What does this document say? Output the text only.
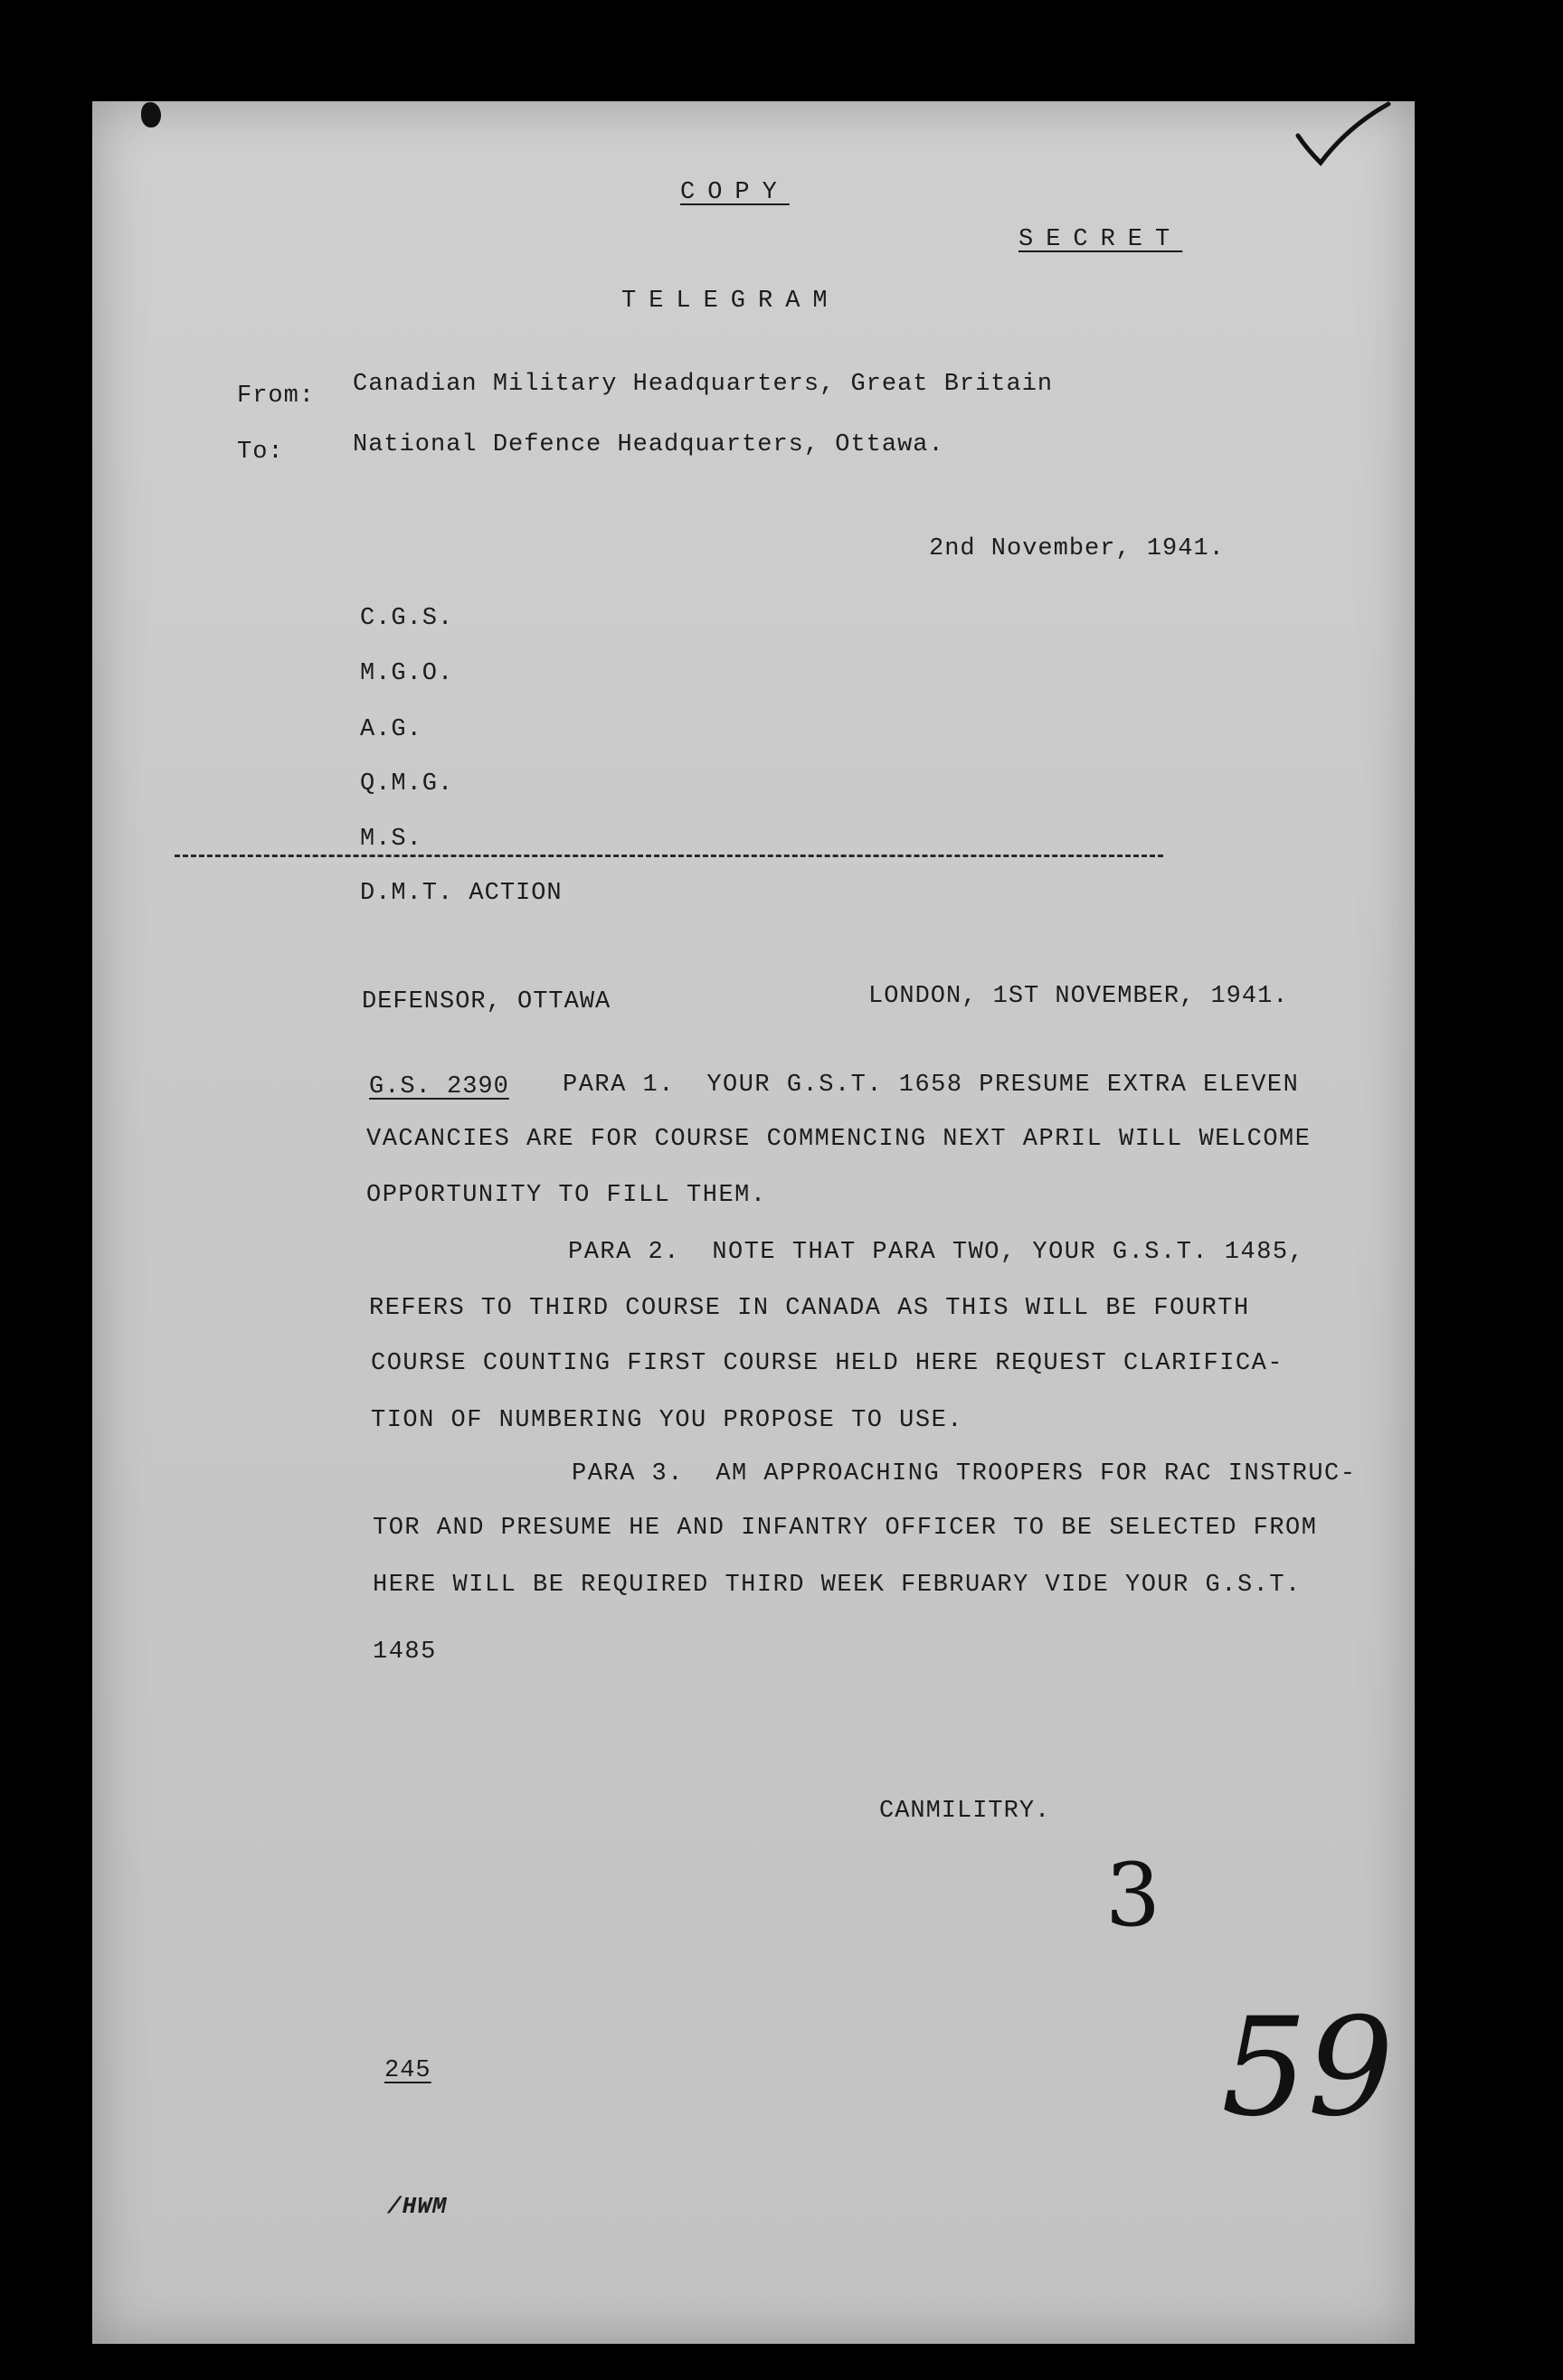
COPY
SECRET
TELEGRAM
From: Canadian Military Headquarters, Great Britain
To:	National Defence Headquarters, Ottawa.
2nd November, 1941.
C.G.S.
M.G.O.
A.G.
Q.M.G.
M.S.
D.M.T. ACTION
DEFENSOR, OTTAWA	LONDON, 1ST NOVEMBER, 1941.
G.S. 2390 PARA 1.  YOUR G.S.T. 1658 PRESUME EXTRA ELEVEN
VACANCIES ARE FOR COURSE COMMENCING NEXT APRIL WILL WELCOME
OPPORTUNITY TO FILL THEM.
PARA 2.  NOTE THAT PARA TWO, YOUR G.S.T. 1485,
REFERS TO THIRD COURSE IN CANADA AS THIS WILL BE FOURTH
COURSE COUNTING FIRST COURSE HELD HERE REQUEST CLARIFICA-
TION OF NUMBERING YOU PROPOSE TO USE.
PARA 3.  AM APPROACHING TROOPERS FOR RAC INSTRUC-
TOR AND PRESUME HE AND INFANTRY OFFICER TO BE SELECTED FROM
HERE WILL BE REQUIRED THIRD WEEK FEBRUARY VIDE YOUR G.S.T.
1485
CANMILITRY.
3
245	59
/HWM
